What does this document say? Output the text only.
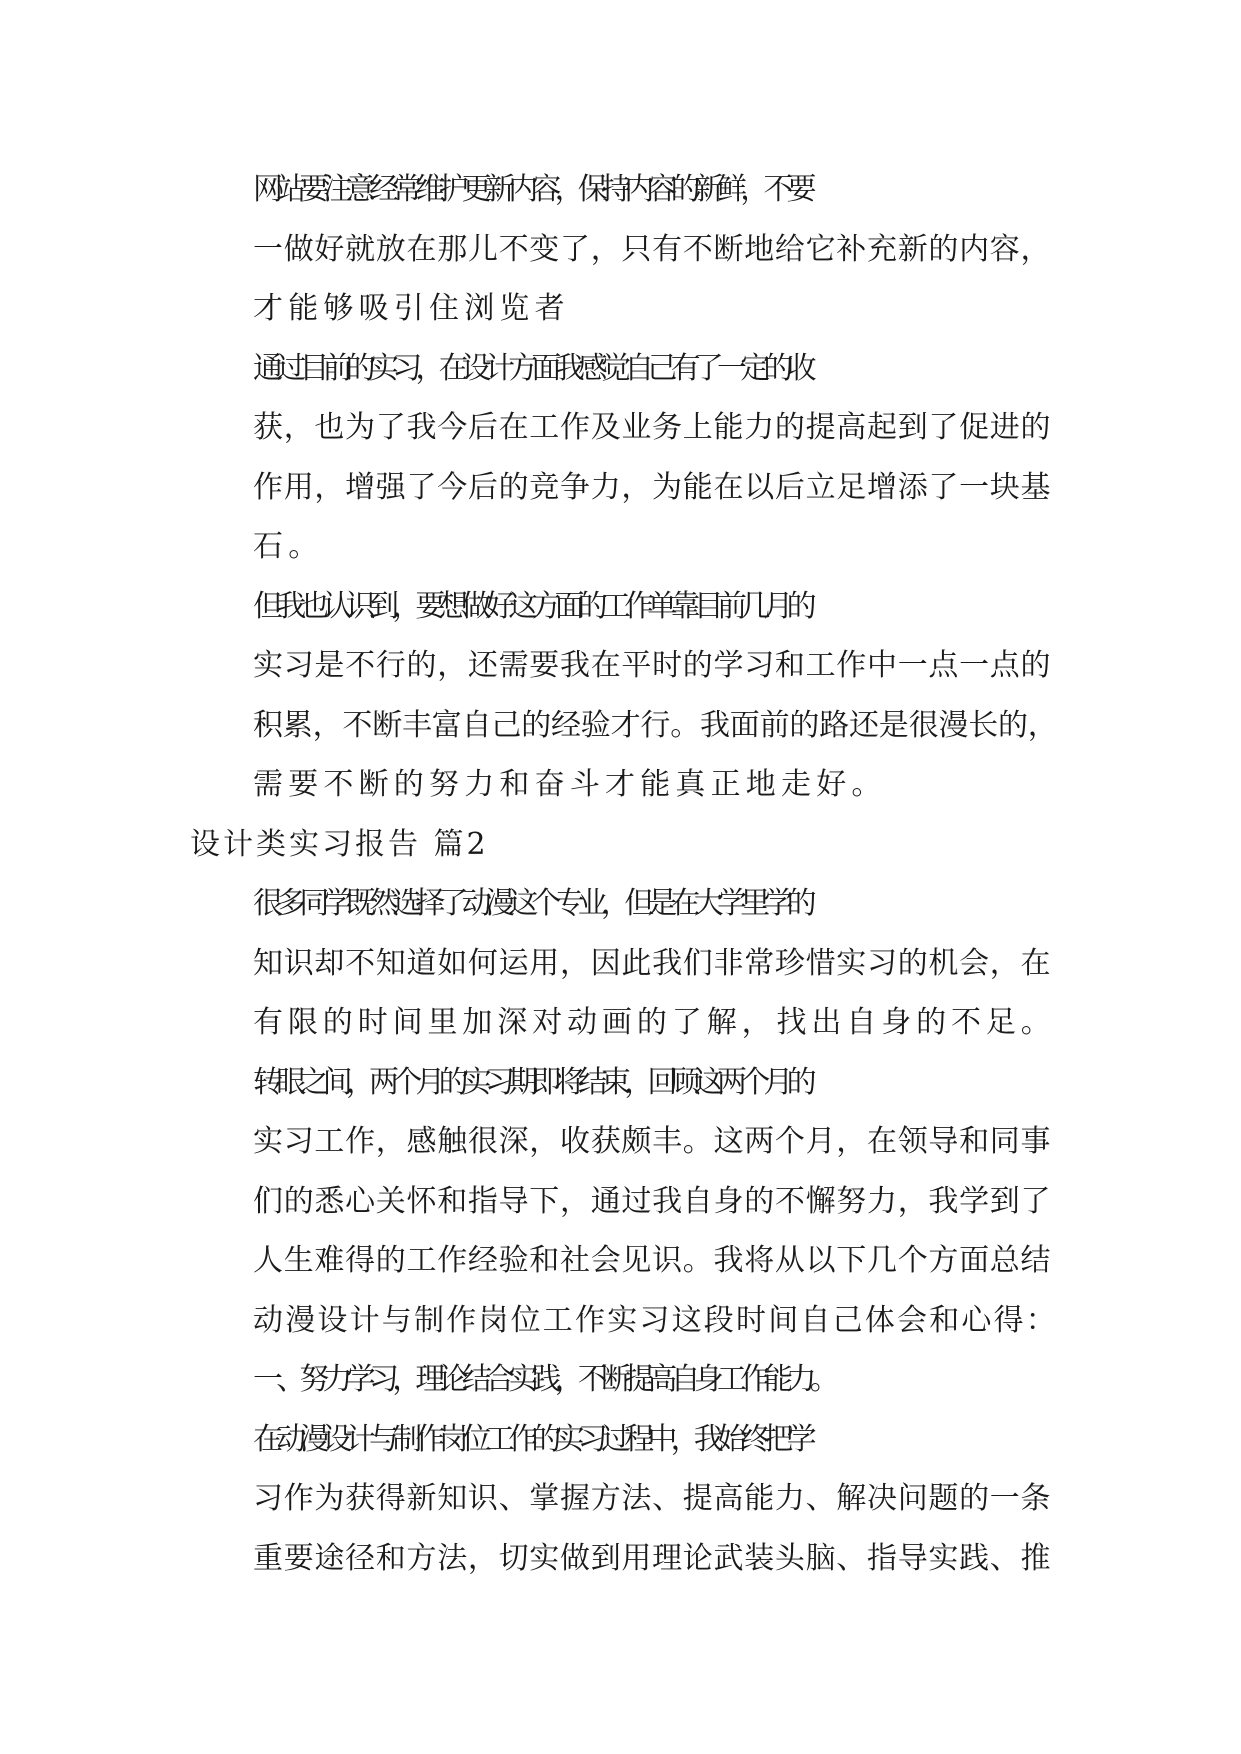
网站要注意经常维护更新内容，保持内容的新鲜，不要
一做好就放在那儿不变了，只有不断地给它补充新的内容，
才能够吸引住浏览者

通过目前的实习，在设计方面我感觉自己有了一定的收
获，也为了我今后在工作及业务上能力的提高起到了促进的
作用，增强了今后的竞争力，为能在以后立足增添了一块基
石。

但我也认识到，要想做好这方面的工作单靠目前几月的
实习是不行的，还需要我在平时的学习和工作中一点一点的
积累，不断丰富自己的经验才行。我面前的路还是很漫长的，
需要不断的努力和奋斗才能真正地走好。

设计类实习报告 篇2

很多同学既然选择了动漫这个专业，但是在大学里学的
知识却不知道如何运用，因此我们非常珍惜实习的机会，在
有限的时间里加深对动画的了解，找出自身的不足。

转眼之间，两个月的实习期即将结束，回顾这两个月的
实习工作，感触很深，收获颇丰。这两个月，在领导和同事
们的悉心关怀和指导下，通过我自身的不懈努力，我学到了
人生难得的工作经验和社会见识。我将从以下几个方面总结
动漫设计与制作岗位工作实习这段时间自己体会和心得：

一、努力学习，理论结合实践，不断提高自身工作能力。

在动漫设计与制作岗位工作的实习过程中，我始终把学
习作为获得新知识、掌握方法、提高能力、解决问题的一条
重要途径和方法，切实做到用理论武装头脑、指导实践、推
